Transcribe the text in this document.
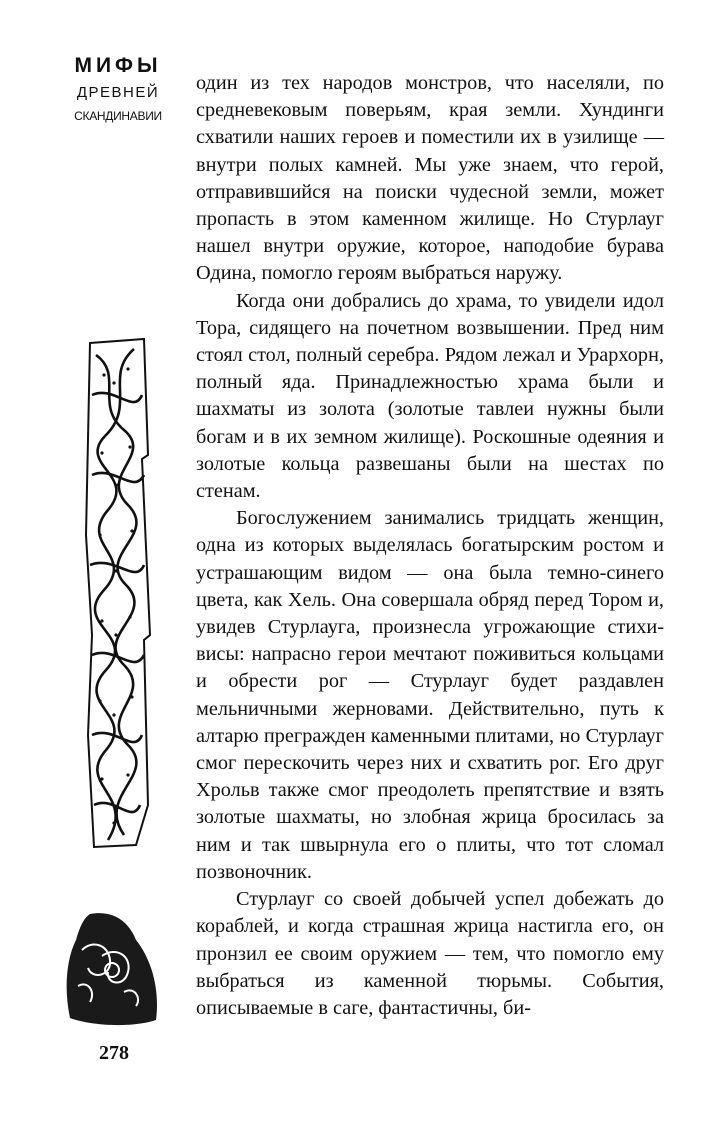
МИФЫ
ДРЕВНЕЙ
СКАНДИНАВИИ
278

один из тех народов монстров, что населяли, по средневековым поверьям, края земли. Хундинги схватили наших героев и поместили их в узилище — внутри полых камней. Мы уже знаем, что герой, отправившийся на поиски чудесной земли, может пропасть в этом каменном жилище. Но Стурлауг нашел внутри оружие, которое, наподобие бурава Одина, помогло героям выбраться наружу.

Когда они добрались до храма, то увидели идол Тора, сидящего на почетном возвышении. Пред ним стоял стол, полный серебра. Рядом лежал и Урархорн, полный яда. Принадлежностью храма были и шахматы из золота (золотые тавлеи нужны были богам и в их земном жилище). Роскошные одеяния и золотые кольца развешаны были на шестах по стенам.

Богослужением занимались тридцать женщин, одна из которых выделялась богатырским ростом и устрашающим видом — она была темно-синего цвета, как Хель. Она совершала обряд перед Тором и, увидев Стурлауга, произнесла угрожающие стихи-висы: напрасно герои мечтают поживиться кольцами и обрести рог — Стурлауг будет раздавлен мельничными жерновами. Действительно, путь к алтарю прегражден каменными плитами, но Стурлауг смог перескочить через них и схватить рог. Его друг Хрольв также смог преодолеть препятствие и взять золотые шахматы, но злобная жрица бросилась за ним и так швырнула его о плиты, что тот сломал позвоночник.

Стурлауг со своей добычей успел добежать до кораблей, и когда страшная жрица настигла его, он пронзил ее своим оружием — тем, что помогло ему выбраться из каменной тюрьмы. События, описываемые в саге, фантастичны, би-
